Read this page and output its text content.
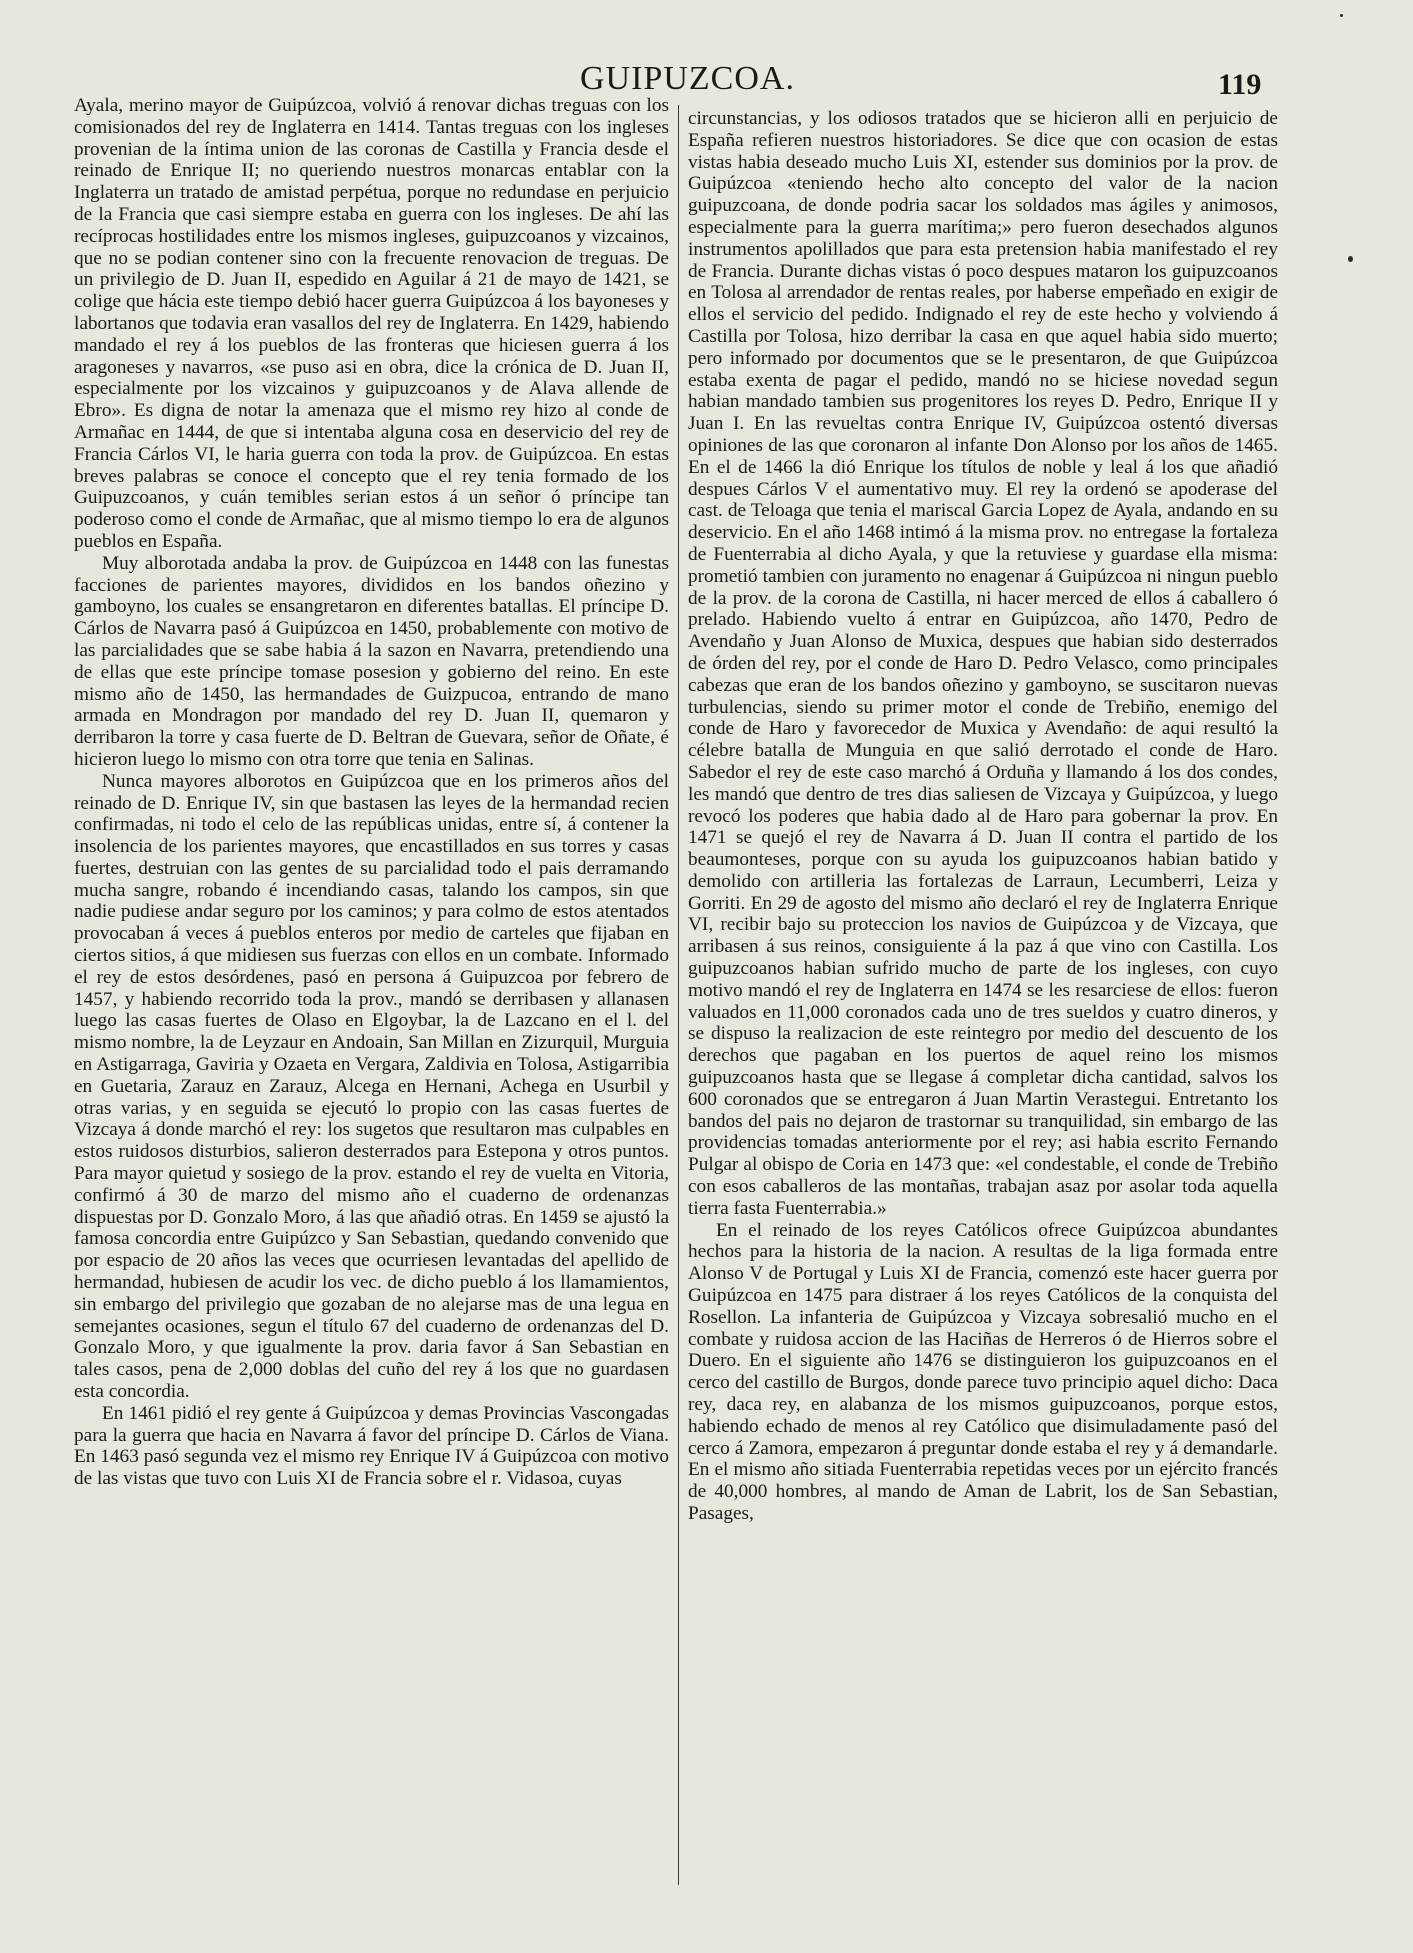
GUIPUZCOA.	119

Ayala, merino mayor de Guipúzcoa, volvió á renovar dichas treguas con los comisionados del rey de Inglaterra en 1414. Tantas treguas con los ingleses provenian de la íntima union de las coronas de Castilla y Francia desde el reinado de Enrique II; no queriendo nuestros monarcas entablar con la Inglaterra un tratado de amistad perpétua, porque no redundase en perjuicio de la Francia que casi siempre estaba en guerra con los ingleses. De ahí las recíprocas hostilidades entre los mismos ingleses, guipuzcoanos y vizcainos, que no se podian contener sino con la frecuente renovacion de treguas. De un privilegio de D. Juan II, espedido en Aguilar á 21 de mayo de 1421, se colige que hácia este tiempo debió hacer guerra Guipúzcoa á los bayoneses y labortanos que todavia eran vasallos del rey de Inglaterra. En 1429, habiendo mandado el rey á los pueblos de las fronteras que hiciesen guerra á los aragoneses y navarros, «se puso asi en obra, dice la crónica de D. Juan II, especialmente por los vizcainos y guipuzcoanos y de Alava allende de Ebro». Es digna de notar la amenaza que el mismo rey hizo al conde de Armañac en 1444, de que si intentaba alguna cosa en deservicio del rey de Francia Cárlos VI, le haria guerra con toda la prov. de Guipúzcoa. En estas breves palabras se conoce el concepto que el rey tenia formado de los Guipuzcoanos, y cuán temibles serian estos á un señor ó príncipe tan poderoso como el conde de Armañac, que al mismo tiempo lo era de algunos pueblos en España.

Muy alborotada andaba la prov. de Guipúzcoa en 1448 con las funestas facciones de parientes mayores, divididos en los bandos oñezino y gamboyno, los cuales se ensangretaron en diferentes batallas. El príncipe D. Cárlos de Navarra pasó á Guipúzcoa en 1450, probablemente con motivo de las parcialidades que se sabe habia á la sazon en Navarra, pretendiendo una de ellas que este príncipe tomase posesion y gobierno del reino. En este mismo año de 1450, las hermandades de Guizpucoa, entrando de mano armada en Mondragon por mandado del rey D. Juan II, quemaron y derribaron la torre y casa fuerte de D. Beltran de Guevara, señor de Oñate, é hicieron luego lo mismo con otra torre que tenia en Salinas.

Nunca mayores alborotos en Guipúzcoa que en los primeros años del reinado de D. Enrique IV, sin que bastasen las leyes de la hermandad recien confirmadas, ni todo el celo de las repúblicas unidas, entre sí, á contener la insolencia de los parientes mayores, que encastillados en sus torres y casas fuertes, destruian con las gentes de su parcialidad todo el pais derramando mucha sangre, robando é incendiando casas, talando los campos, sin que nadie pudiese andar seguro por los caminos; y para colmo de estos atentados provocaban á veces á pueblos enteros por medio de carteles que fijaban en ciertos sitios, á que midiesen sus fuerzas con ellos en un combate. Informado el rey de estos desórdenes, pasó en persona á Guipuzcoa por febrero de 1457, y habiendo recorrido toda la prov., mandó se derribasen y allanasen luego las casas fuertes de Olaso en Elgoybar, la de Lazcano en el l. del mismo nombre, la de Leyzaur en Andoain, San Millan en Zizurquil, Murguia en Astigarraga, Gaviria y Ozaeta en Vergara, Zaldivia en Tolosa, Astigarribia en Guetaria, Zarauz en Zarauz, Alcega en Hernani, Achega en Usurbil y otras varias, y en seguida se ejecutó lo propio con las casas fuertes de Vizcaya á donde marchó el rey: los sugetos que resultaron mas culpables en estos ruidosos disturbios, salieron desterrados para Estepona y otros puntos. Para mayor quietud y sosiego de la prov. estando el rey de vuelta en Vitoria, confirmó á 30 de marzo del mismo año el cuaderno de ordenanzas dispuestas por D. Gonzalo Moro, á las que añadió otras. En 1459 se ajustó la famosa concordia entre Guipúzco y San Sebastian, quedando convenido que por espacio de 20 años las veces que ocurriesen levantadas del apellido de hermandad, hubiesen de acudir los vec. de dicho pueblo á los llamamientos, sin embargo del privilegio que gozaban de no alejarse mas de una legua en semejantes ocasiones, segun el título 67 del cuaderno de ordenanzas del D. Gonzalo Moro, y que igualmente la prov. daria favor á San Sebastian en tales casos, pena de 2,000 doblas del cuño del rey á los que no guardasen esta concordia.

En 1461 pidió el rey gente á Guipúzcoa y demas Provincias Vascongadas para la guerra que hacia en Navarra á favor del príncipe D. Cárlos de Viana. En 1463 pasó segunda vez el mismo rey Enrique IV á Guipúzcoa con motivo de las vistas que tuvo con Luis XI de Francia sobre el r. Vidasoa, cuyas

circunstancias, y los odiosos tratados que se hicieron alli en perjuicio de España refieren nuestros historiadores. Se dice que con ocasion de estas vistas habia deseado mucho Luis XI, estender sus dominios por la prov. de Guipúzcoa «teniendo hecho alto concepto del valor de la nacion guipuzcoana, de donde podria sacar los soldados mas ágiles y animosos, especialmente para la guerra marítima;» pero fueron desechados algunos instrumentos apolillados que para esta pretension habia manifestado el rey de Francia. Durante dichas vistas ó poco despues mataron los guipuzcoanos en Tolosa al arrendador de rentas reales, por haberse empeñado en exigir de ellos el servicio del pedido. Indignado el rey de este hecho y volviendo á Castilla por Tolosa, hizo derribar la casa en que aquel habia sido muerto; pero informado por documentos que se le presentaron, de que Guipúzcoa estaba exenta de pagar el pedido, mandó no se hiciese novedad segun habian mandado tambien sus progenitores los reyes D. Pedro, Enrique II y Juan I. En las revueltas contra Enrique IV, Guipúzcoa ostentó diversas opiniones de las que coronaron al infante Don Alonso por los años de 1465. En el de 1466 la dió Enrique los títulos de noble y leal á los que añadió despues Cárlos V el aumentativo muy. El rey la ordenó se apoderase del cast. de Teloaga que tenia el mariscal Garcia Lopez de Ayala, andando en su deservicio. En el año 1468 intimó á la misma prov. no entregase la fortaleza de Fuenterrabia al dicho Ayala, y que la retuviese y guardase ella misma: prometió tambien con juramento no enagenar á Guipúzcoa ni ningun pueblo de la prov. de la corona de Castilla, ni hacer merced de ellos á caballero ó prelado. Habiendo vuelto á entrar en Guipúzcoa, año 1470, Pedro de Avendaño y Juan Alonso de Muxica, despues que habian sido desterrados de órden del rey, por el conde de Haro D. Pedro Velasco, como principales cabezas que eran de los bandos oñezino y gamboyno, se suscitaron nuevas turbulencias, siendo su primer motor el conde de Trebiño, enemigo del conde de Haro y favorecedor de Muxica y Avendaño: de aqui resultó la célebre batalla de Munguia en que salió derrotado el conde de Haro. Sabedor el rey de este caso marchó á Orduña y llamando á los dos condes, les mandó que dentro de tres dias saliesen de Vizcaya y Guipúzcoa, y luego revocó los poderes que habia dado al de Haro para gobernar la prov. En 1471 se quejó el rey de Navarra á D. Juan II contra el partido de los beaumonteses, porque con su ayuda los guipuzcoanos habian batido y demolido con artilleria las fortalezas de Larraun, Lecumberri, Leiza y Gorriti. En 29 de agosto del mismo año declaró el rey de Inglaterra Enrique VI, recibir bajo su proteccion los navios de Guipúzcoa y de Vizcaya, que arribasen á sus reinos, consiguiente á la paz á que vino con Castilla. Los guipuzcoanos habian sufrido mucho de parte de los ingleses, con cuyo motivo mandó el rey de Inglaterra en 1474 se les resarciese de ellos: fueron valuados en 11,000 coronados cada uno de tres sueldos y cuatro dineros, y se dispuso la realizacion de este reintegro por medio del descuento de los derechos que pagaban en los puertos de aquel reino los mismos guipuzcoanos hasta que se llegase á completar dicha cantidad, salvos los 600 coronados que se entregaron á Juan Martin Verastegui. Entretanto los bandos del pais no dejaron de trastornar su tranquilidad, sin embargo de las providencias tomadas anteriormente por el rey; asi habia escrito Fernando Pulgar al obispo de Coria en 1473 que: «el condestable, el conde de Trebiño con esos caballeros de las montañas, trabajan asaz por asolar toda aquella tierra fasta Fuenterrabia.»

En el reinado de los reyes Católicos ofrece Guipúzcoa abundantes hechos para la historia de la nacion. A resultas de la liga formada entre Alonso V de Portugal y Luis XI de Francia, comenzó este hacer guerra por Guipúzcoa en 1475 para distraer á los reyes Católicos de la conquista del Rosellon. La infanteria de Guipúzcoa y Vizcaya sobresalió mucho en el combate y ruidosa accion de las Haciñas de Herreros ó de Hierros sobre el Duero. En el siguiente año 1476 se distinguieron los guipuzcoanos en el cerco del castillo de Burgos, donde parece tuvo principio aquel dicho: Daca rey, daca rey, en alabanza de los mismos guipuzcoanos, porque estos, habiendo echado de menos al rey Católico que disimuladamente pasó del cerco á Zamora, empezaron á preguntar donde estaba el rey y á demandarle. En el mismo año sitiada Fuenterrabia repetidas veces por un ejército francés de 40,000 hombres, al mando de Aman de Labrit, los de San Sebastian, Pasages,
